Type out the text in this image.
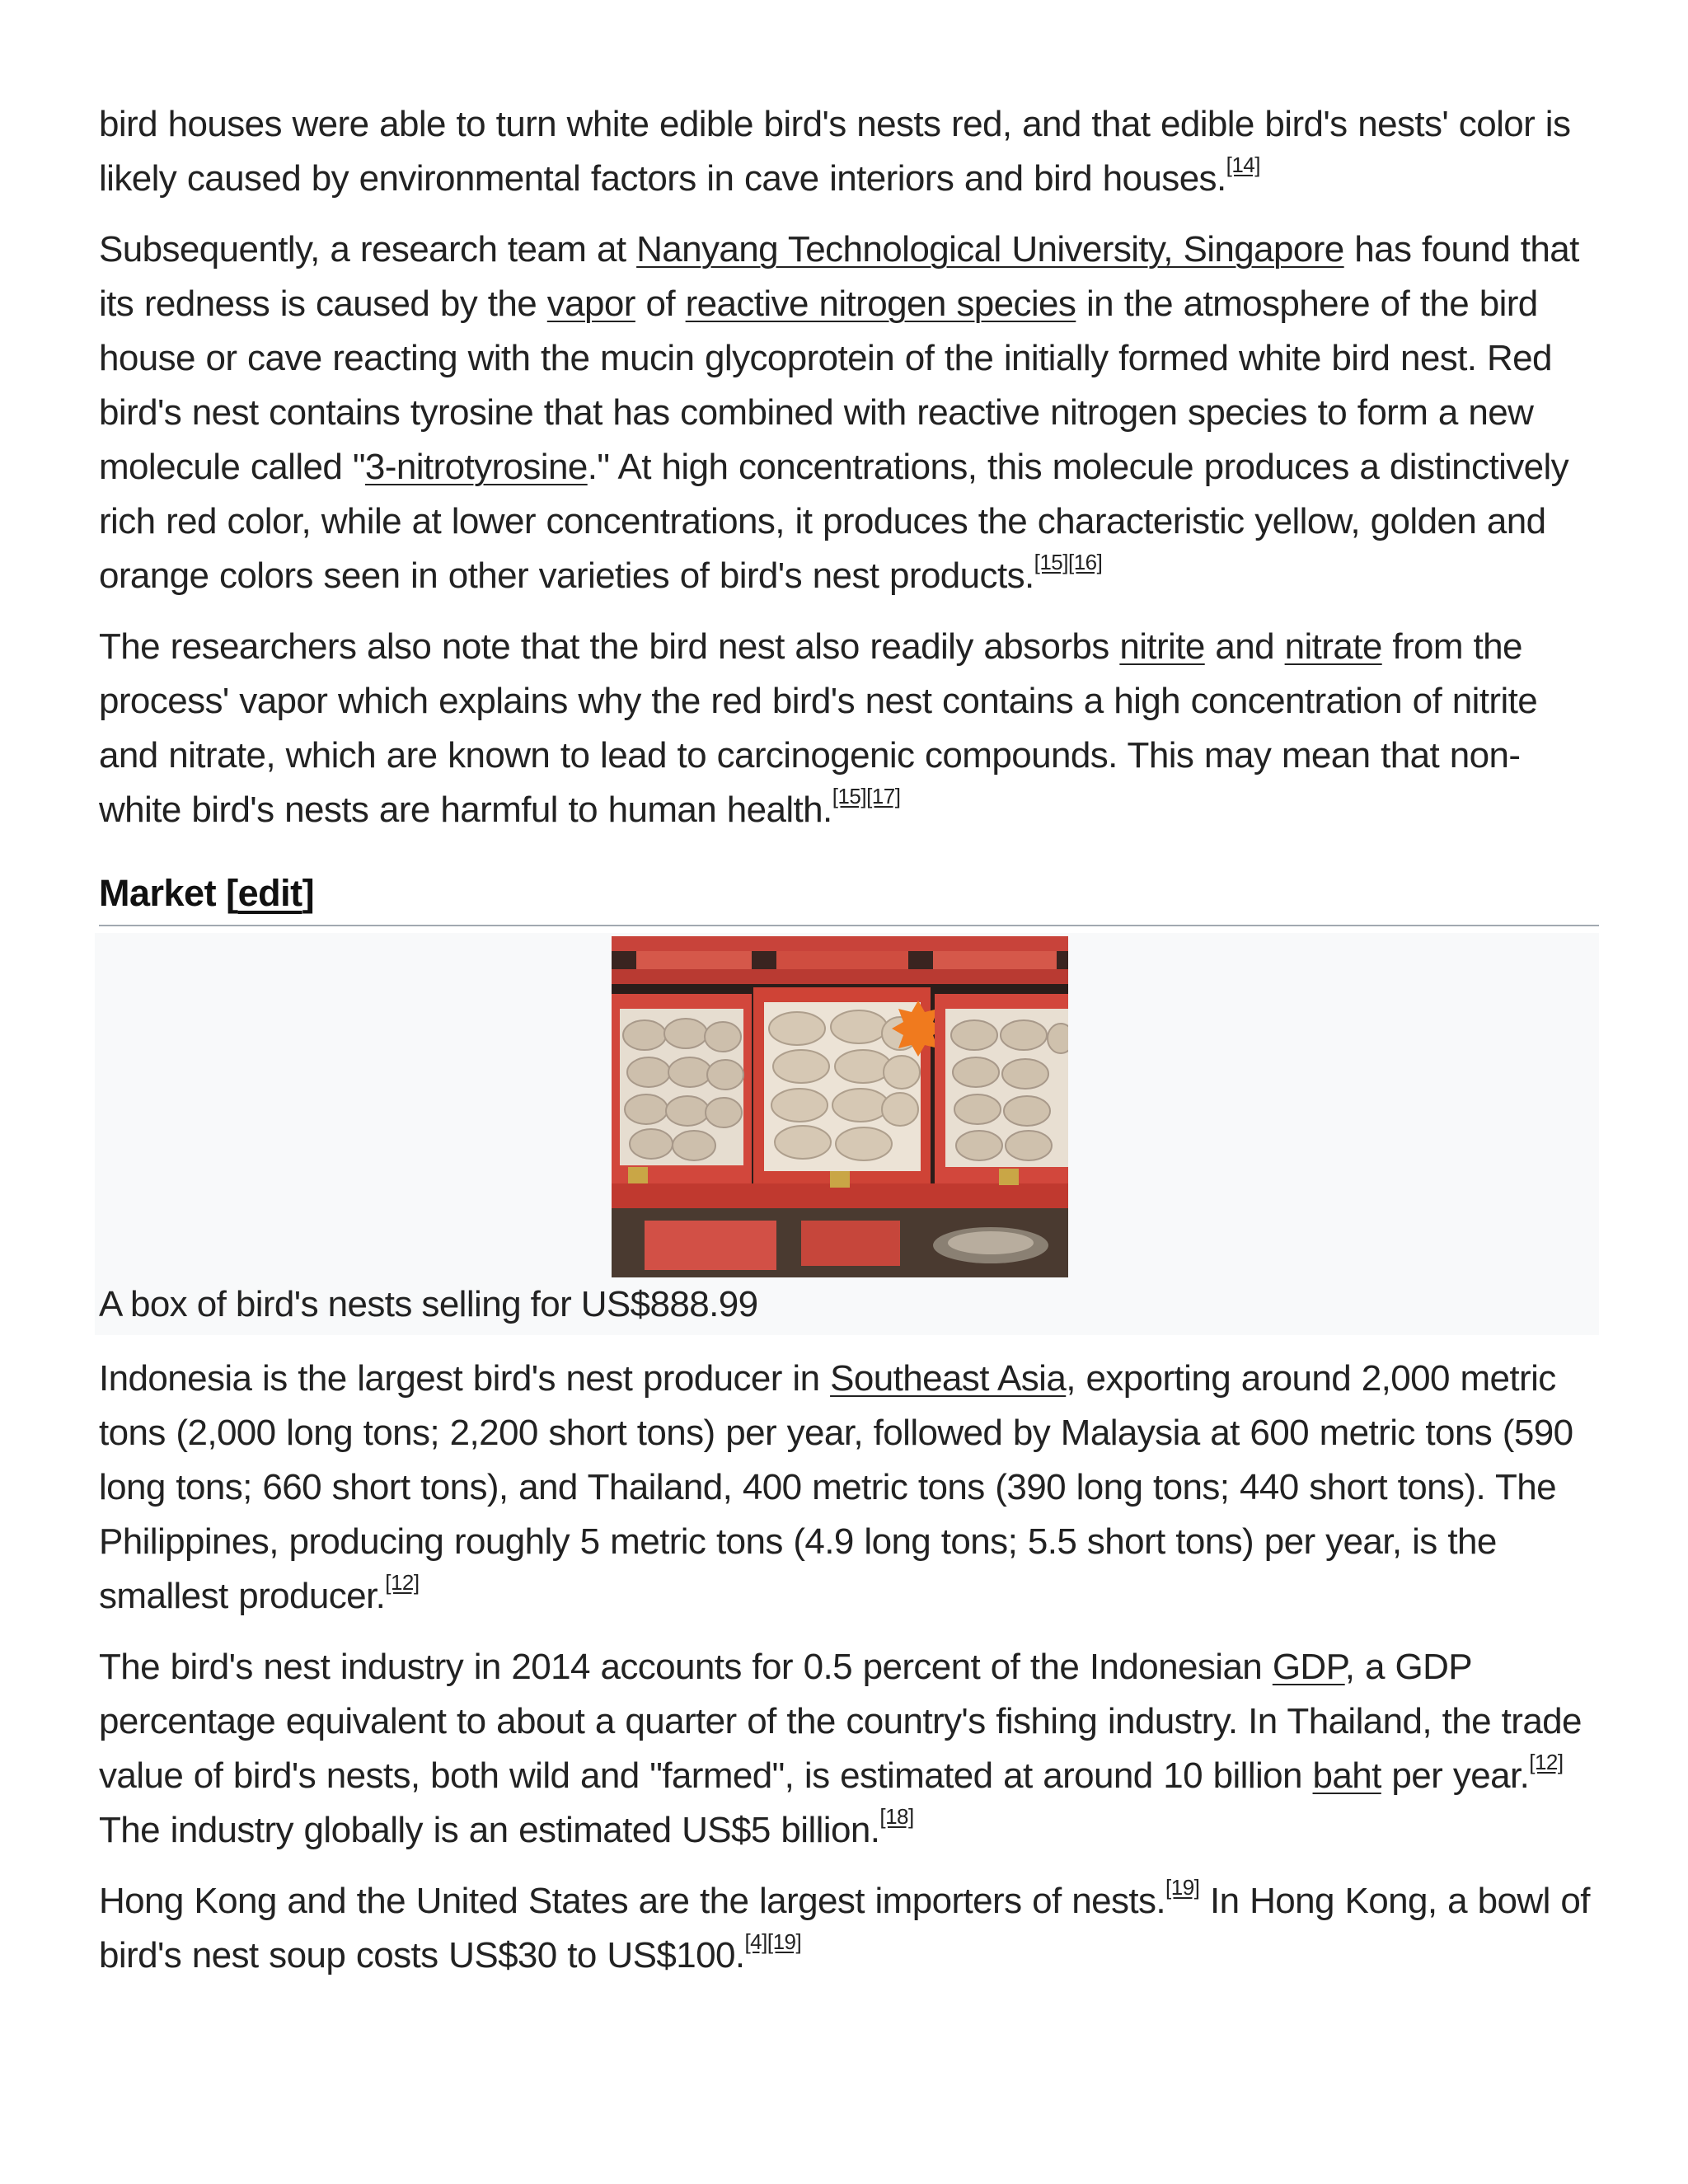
bird houses were able to turn white edible bird's nests red, and that edible bird's nests' color is likely caused by environmental factors in cave interiors and bird houses.[14]

Subsequently, a research team at Nanyang Technological University, Singapore has found that its redness is caused by the vapor of reactive nitrogen species in the atmosphere of the bird house or cave reacting with the mucin glycoprotein of the initially formed white bird nest. Red bird's nest contains tyrosine that has combined with reactive nitrogen species to form a new molecule called "3-nitrotyrosine." At high concentrations, this molecule produces a distinctively rich red color, while at lower concentrations, it produces the characteristic yellow, golden and orange colors seen in other varieties of bird's nest products.[15][16]

The researchers also note that the bird nest also readily absorbs nitrite and nitrate from the process' vapor which explains why the red bird's nest contains a high concentration of nitrite and nitrate, which are known to lead to carcinogenic compounds. This may mean that non-white bird's nests are harmful to human health.[15][17]

Market [edit]
A box of bird's nests selling for US$888.99

Indonesia is the largest bird's nest producer in Southeast Asia, exporting around 2,000 metric tons (2,000 long tons; 2,200 short tons) per year, followed by Malaysia at 600 metric tons (590 long tons; 660 short tons), and Thailand, 400 metric tons (390 long tons; 440 short tons). The Philippines, producing roughly 5 metric tons (4.9 long tons; 5.5 short tons) per year, is the smallest producer.[12]

The bird's nest industry in 2014 accounts for 0.5 percent of the Indonesian GDP, a GDP percentage equivalent to about a quarter of the country's fishing industry. In Thailand, the trade value of bird's nests, both wild and "farmed", is estimated at around 10 billion baht per year.[12] The industry globally is an estimated US$5 billion.[18]

Hong Kong and the United States are the largest importers of nests.[19] In Hong Kong, a bowl of bird's nest soup costs US$30 to US$100.[4][19]
